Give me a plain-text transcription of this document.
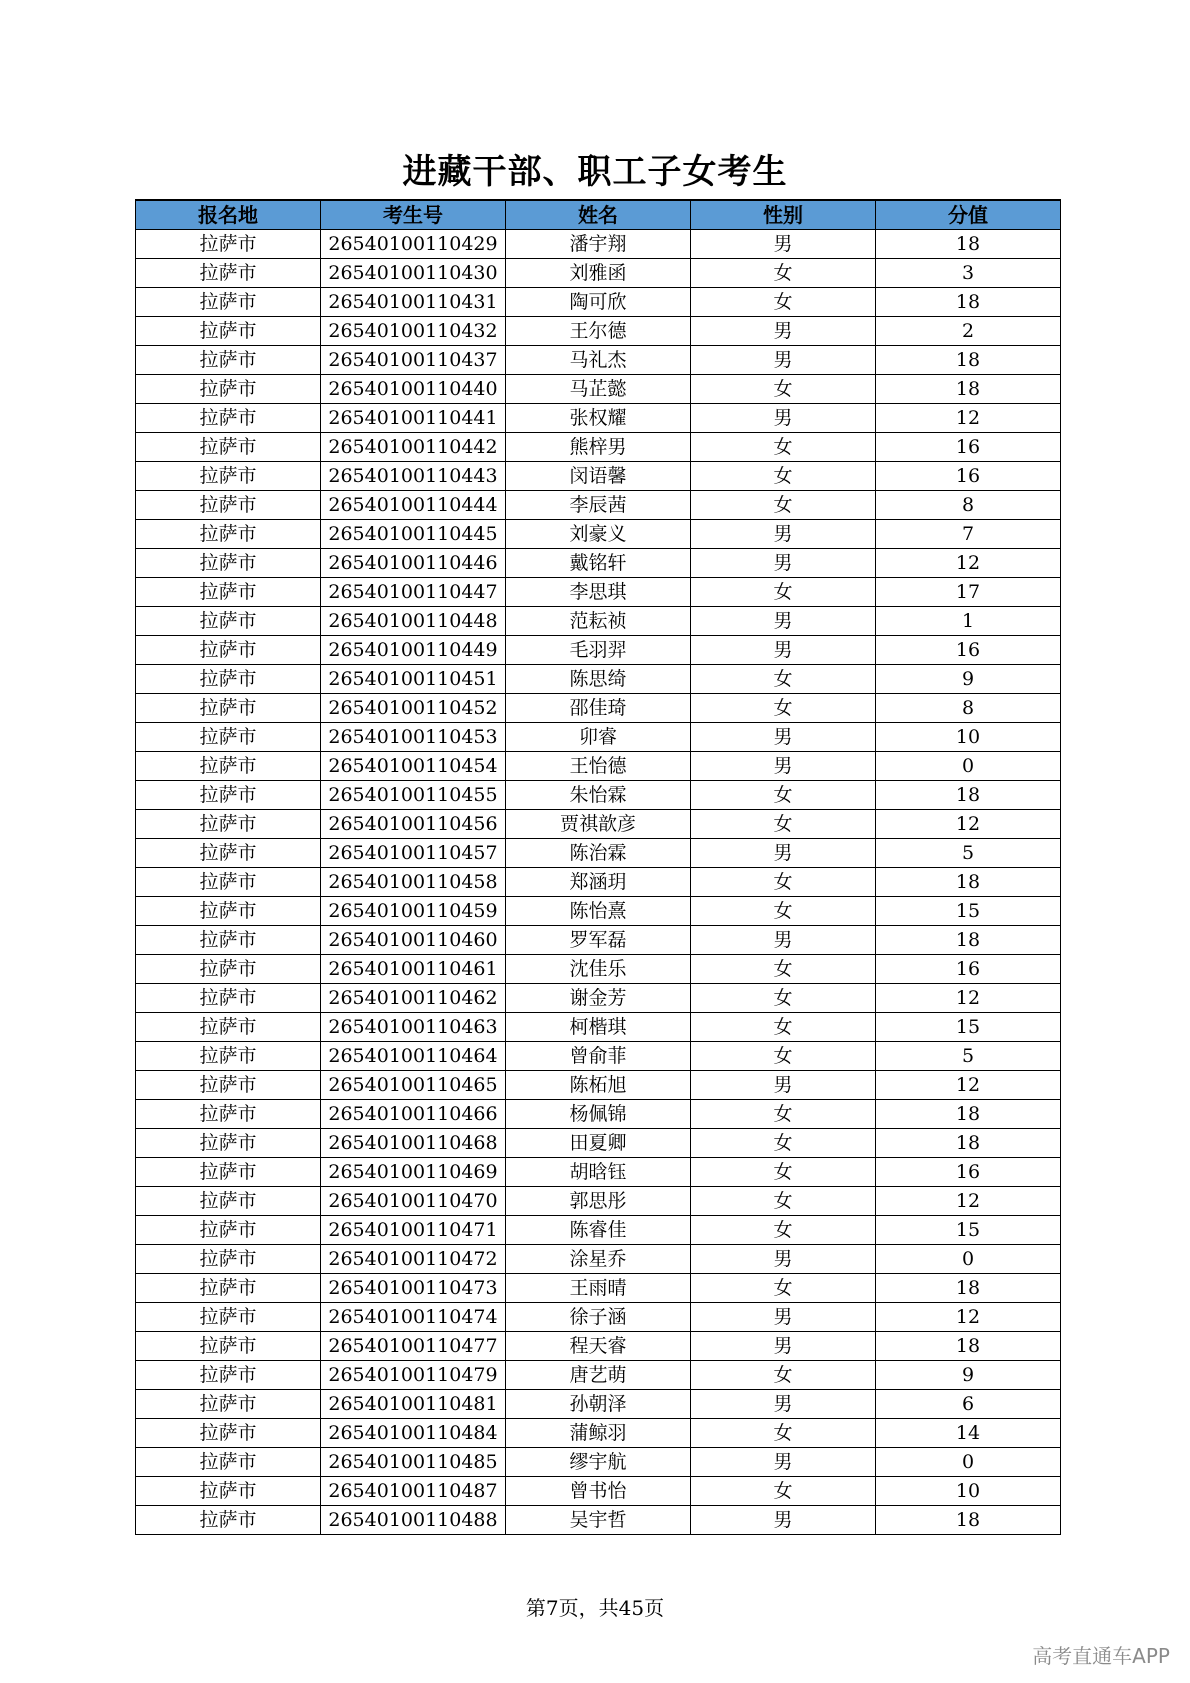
进藏干部、职工子女考生
报名地	考生号	姓名	性别	分值
拉萨市	26540100110429	潘宇翔	男	18
拉萨市	26540100110430	刘雅函	女	3
拉萨市	26540100110431	陶可欣	女	18
拉萨市	26540100110432	王尔德	男	2
拉萨市	26540100110437	马礼杰	男	18
拉萨市	26540100110440	马芷懿	女	18
拉萨市	26540100110441	张权耀	男	12
拉萨市	26540100110442	熊梓男	女	16
拉萨市	26540100110443	闵语馨	女	16
拉萨市	26540100110444	李辰茜	女	8
拉萨市	26540100110445	刘豪义	男	7
拉萨市	26540100110446	戴铭轩	男	12
拉萨市	26540100110447	李思琪	女	17
拉萨市	26540100110448	范耘祯	男	1
拉萨市	26540100110449	毛羽羿	男	16
拉萨市	26540100110451	陈思绮	女	9
拉萨市	26540100110452	邵佳琦	女	8
拉萨市	26540100110453	卯睿	男	10
拉萨市	26540100110454	王怡德	男	0
拉萨市	26540100110455	朱怡霖	女	18
拉萨市	26540100110456	贾祺歆彦	女	12
拉萨市	26540100110457	陈治霖	男	5
拉萨市	26540100110458	郑涵玥	女	18
拉萨市	26540100110459	陈怡熹	女	15
拉萨市	26540100110460	罗军磊	男	18
拉萨市	26540100110461	沈佳乐	女	16
拉萨市	26540100110462	谢金芳	女	12
拉萨市	26540100110463	柯楷琪	女	15
拉萨市	26540100110464	曾俞菲	女	5
拉萨市	26540100110465	陈柘旭	男	12
拉萨市	26540100110466	杨佩锦	女	18
拉萨市	26540100110468	田夏卿	女	18
拉萨市	26540100110469	胡晗钰	女	16
拉萨市	26540100110470	郭思彤	女	12
拉萨市	26540100110471	陈睿佳	女	15
拉萨市	26540100110472	涂星乔	男	0
拉萨市	26540100110473	王雨晴	女	18
拉萨市	26540100110474	徐子涵	男	12
拉萨市	26540100110477	程天睿	男	18
拉萨市	26540100110479	唐艺萌	女	9
拉萨市	26540100110481	孙朝泽	男	6
拉萨市	26540100110484	蒲鲸羽	女	14
拉萨市	26540100110485	缪宇航	男	0
拉萨市	26540100110487	曾书怡	女	10
拉萨市	26540100110488	吴宇哲	男	18
第7页，共45页
高考直通车APP
